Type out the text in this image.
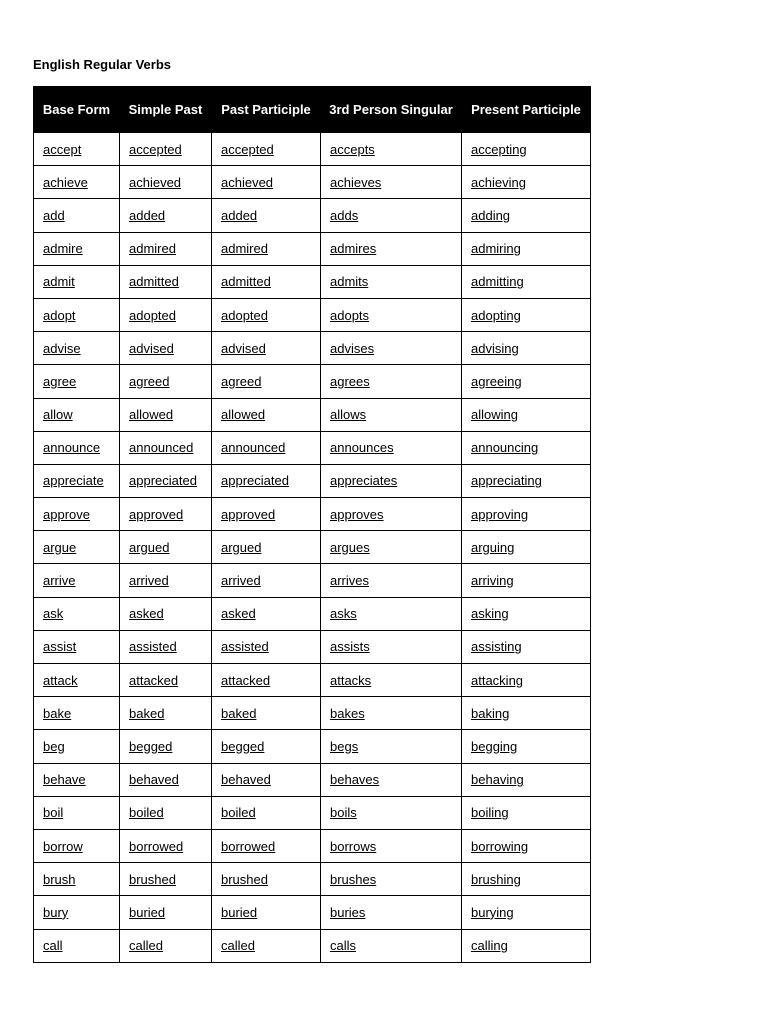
English Regular Verbs
Base Form	Simple Past	Past Participle	3rd Person Singular	Present Participle
accept	accepted	accepted	accepts	accepting
achieve	achieved	achieved	achieves	achieving
add	added	added	adds	adding
admire	admired	admired	admires	admiring
admit	admitted	admitted	admits	admitting
adopt	adopted	adopted	adopts	adopting
advise	advised	advised	advises	advising
agree	agreed	agreed	agrees	agreeing
allow	allowed	allowed	allows	allowing
announce	announced	announced	announces	announcing
appreciate	appreciated	appreciated	appreciates	appreciating
approve	approved	approved	approves	approving
argue	argued	argued	argues	arguing
arrive	arrived	arrived	arrives	arriving
ask	asked	asked	asks	asking
assist	assisted	assisted	assists	assisting
attack	attacked	attacked	attacks	attacking
bake	baked	baked	bakes	baking
beg	begged	begged	begs	begging
behave	behaved	behaved	behaves	behaving
boil	boiled	boiled	boils	boiling
borrow	borrowed	borrowed	borrows	borrowing
brush	brushed	brushed	brushes	brushing
bury	buried	buried	buries	burying
call	called	called	calls	calling
